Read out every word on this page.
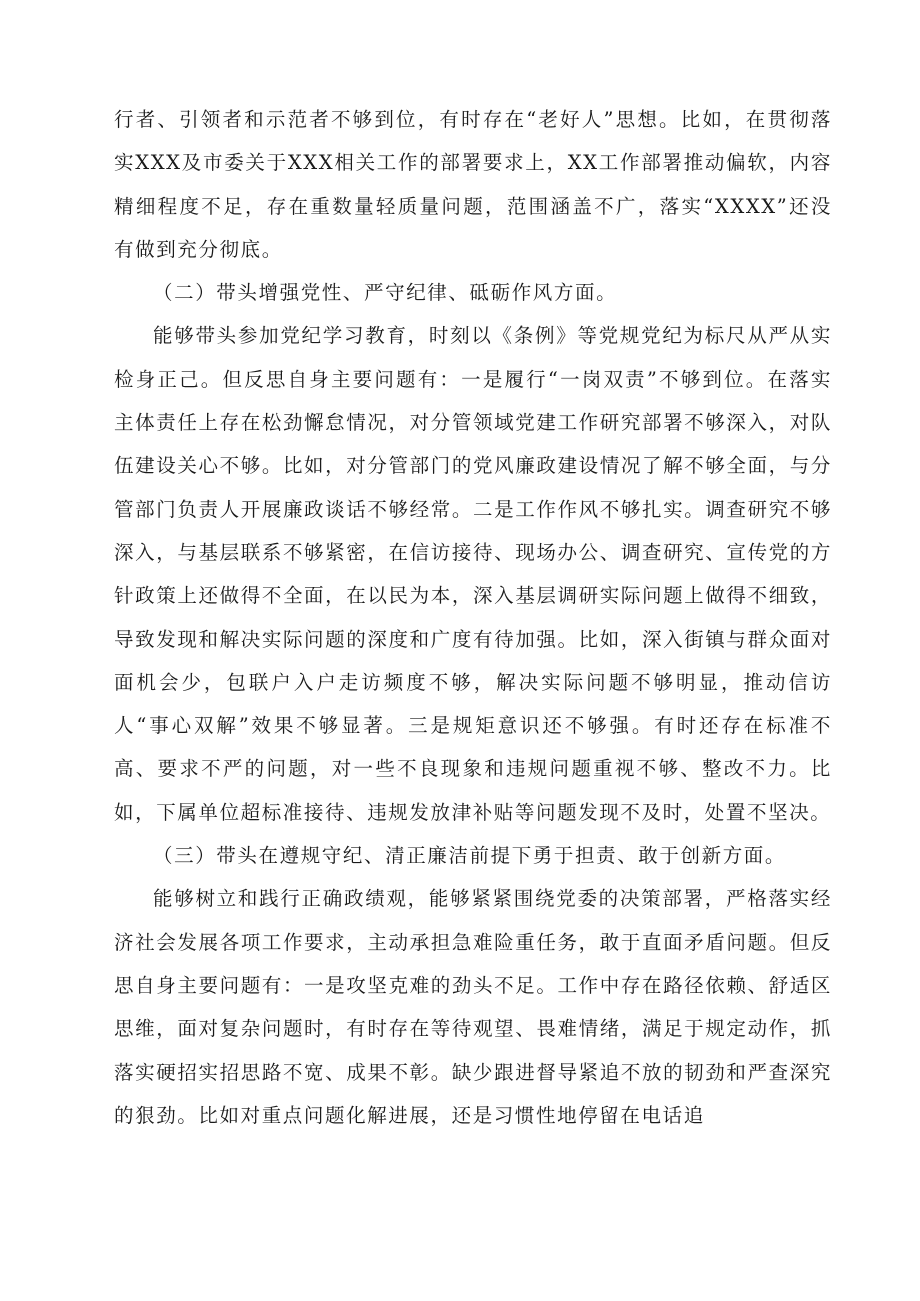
行者、引领者和示范者不够到位，有时存在“老好人”思想。比如，在贯彻落实XXX及市委关于XXX相关工作的部署要求上，XX工作部署推动偏软，内容精细程度不足，存在重数量轻质量问题，范围涵盖不广，落实“XXXX”还没有做到充分彻底。

（二）带头增强党性、严守纪律、砥砺作风方面。

能够带头参加党纪学习教育，时刻以《条例》等党规党纪为标尺从严从实检身正己。但反思自身主要问题有：一是履行“一岗双责”不够到位。在落实主体责任上存在松劲懈怠情况，对分管领域党建工作研究部署不够深入，对队伍建设关心不够。比如，对分管部门的党风廉政建设情况了解不够全面，与分管部门负责人开展廉政谈话不够经常。二是工作作风不够扎实。调查研究不够深入，与基层联系不够紧密，在信访接待、现场办公、调查研究、宣传党的方针政策上还做得不全面，在以民为本，深入基层调研实际问题上做得不细致，导致发现和解决实际问题的深度和广度有待加强。比如，深入街镇与群众面对面机会少，包联户入户走访频度不够，解决实际问题不够明显，推动信访人“事心双解”效果不够显著。三是规矩意识还不够强。有时还存在标准不高、要求不严的问题，对一些不良现象和违规问题重视不够、整改不力。比如，下属单位超标准接待、违规发放津补贴等问题发现不及时，处置不坚决。

（三）带头在遵规守纪、清正廉洁前提下勇于担责、敢于创新方面。

能够树立和践行正确政绩观，能够紧紧围绕党委的决策部署，严格落实经济社会发展各项工作要求，主动承担急难险重任务，敢于直面矛盾问题。但反思自身主要问题有：一是攻坚克难的劲头不足。工作中存在路径依赖、舒适区思维，面对复杂问题时，有时存在等待观望、畏难情绪，满足于规定动作，抓落实硬招实招思路不宽、成果不彰。缺少跟进督导紧追不放的韧劲和严查深究的狠劲。比如对重点问题化解进展，还是习惯性地停留在电话追
